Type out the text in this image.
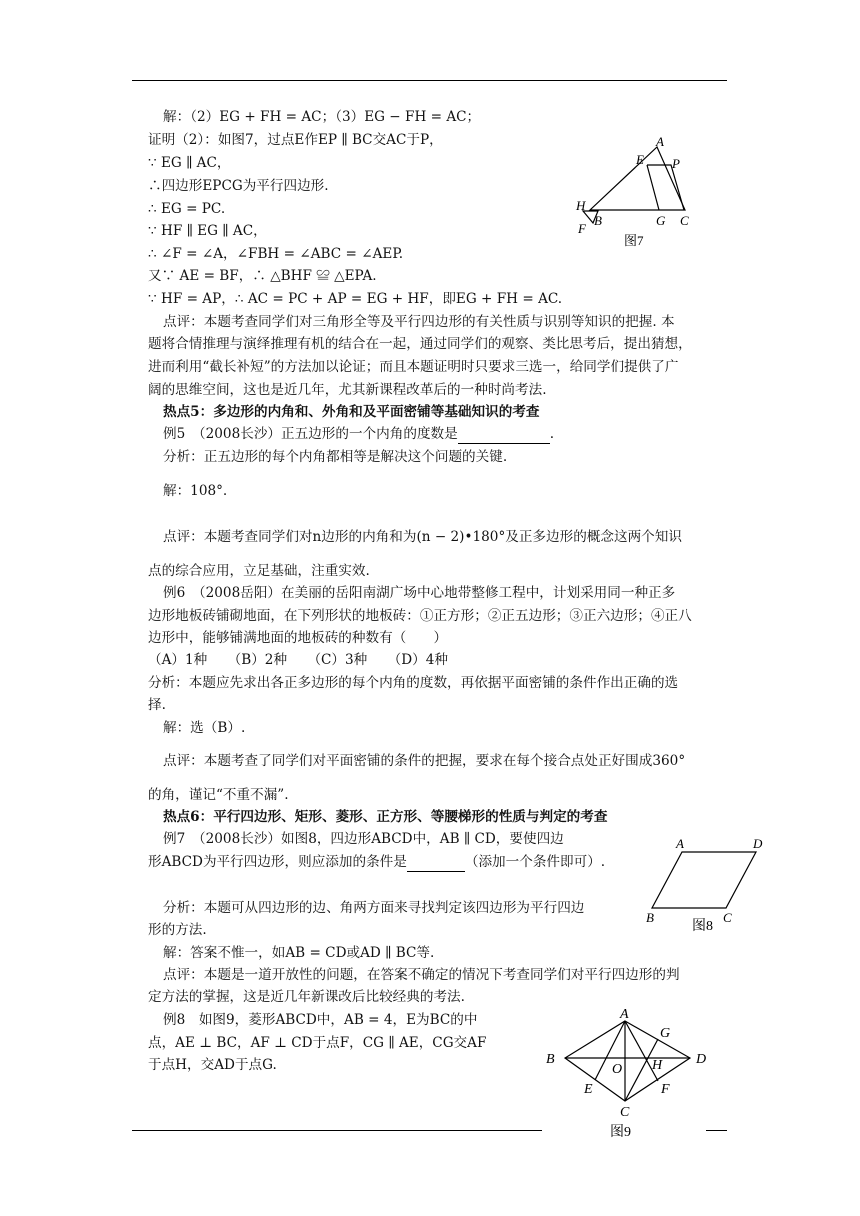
解：（2）EG + FH = AC；（3）EG − FH = AC；
证明（2）：如图7，过点E作EP ∥ BC交AC于P，
∵ EG ∥ AC，
∴四边形EPCG为平行四边形.
∴ EG = PC.
∵ HF ∥ EG ∥ AC，
∴ ∠F = ∠A，∠FBH = ∠ABC = ∠AEP.
又∵ AE = BF，∴ △BHF ≌ △EPA.
∵ HF = AP，∴ AC = PC + AP = EG + HF，即EG + FH = AC.
点评：本题考查同学们对三角形全等及平行四边形的有关性质与识别等知识的把握. 本
题将合情推理与演绎推理有机的结合在一起，通过同学们的观察、类比思考后，提出猜想，
进而利用“截长补短”的方法加以论证；而且本题证明时只要求三选一，给同学们提供了广
阔的思维空间，这也是近几年，尤其新课程改革后的一种时尚考法.
热点5：多边形的内角和、外角和及平面密铺等基础知识的考查
例5　（2008长沙）正五边形的一个内角的度数是	.
分析：正五边形的每个内角都相等是解决这个问题的关键.
解：108°.
点评：本题考查同学们对n边形的内角和为(n − 2)•180°及正多边形的概念这两个知识
点的综合应用，立足基础，注重实效.
例6　（2008岳阳）在美丽的岳阳南湖广场中心地带整修工程中，计划采用同一种正多
边形地板砖铺砌地面，在下列形状的地板砖：①正方形；②正五边形；③正六边形；④正八
边形中，能够铺满地面的地板砖的种数有（　　）
（A）1种　　（B）2种　　（C）3种　　（D）4种
分析：本题应先求出各正多边形的每个内角的度数，再依据平面密铺的条件作出正确的选
择.
解：选（B）.
点评：本题考查了同学们对平面密铺的条件的把握，要求在每个接合点处正好围成360°
的角，谨记“不重不漏”.
热点6：平行四边形、矩形、菱形、正方形、等腰梯形的性质与判定的考查
例7　（2008长沙）如图8，四边形ABCD中，AB ∥ CD，要使四边
形ABCD为平行四边形，则应添加的条件是	（添加一个条件即可）.
分析：本题可从四边形的边、角两方面来寻找判定该四边形为平行四边
形的方法.
解：答案不惟一，如AB = CD或AD ∥ BC等.
点评：本题是一道开放性的问题，在答案不确定的情况下考查同学们对平行四边形的判
定方法的掌握，这是近几年新课改后比较经典的考法.
例8　如图9，菱形ABCD中，AB = 4，E为BC的中
点，AE ⊥ BC，AF ⊥ CD于点F，CG ∥ AE，CG交AF
于点H，交AD于点G.
A
E P
H
B	G C
F
图7
A	D
B	C
图8
A
G
B
O H D
E	F
C
图9
